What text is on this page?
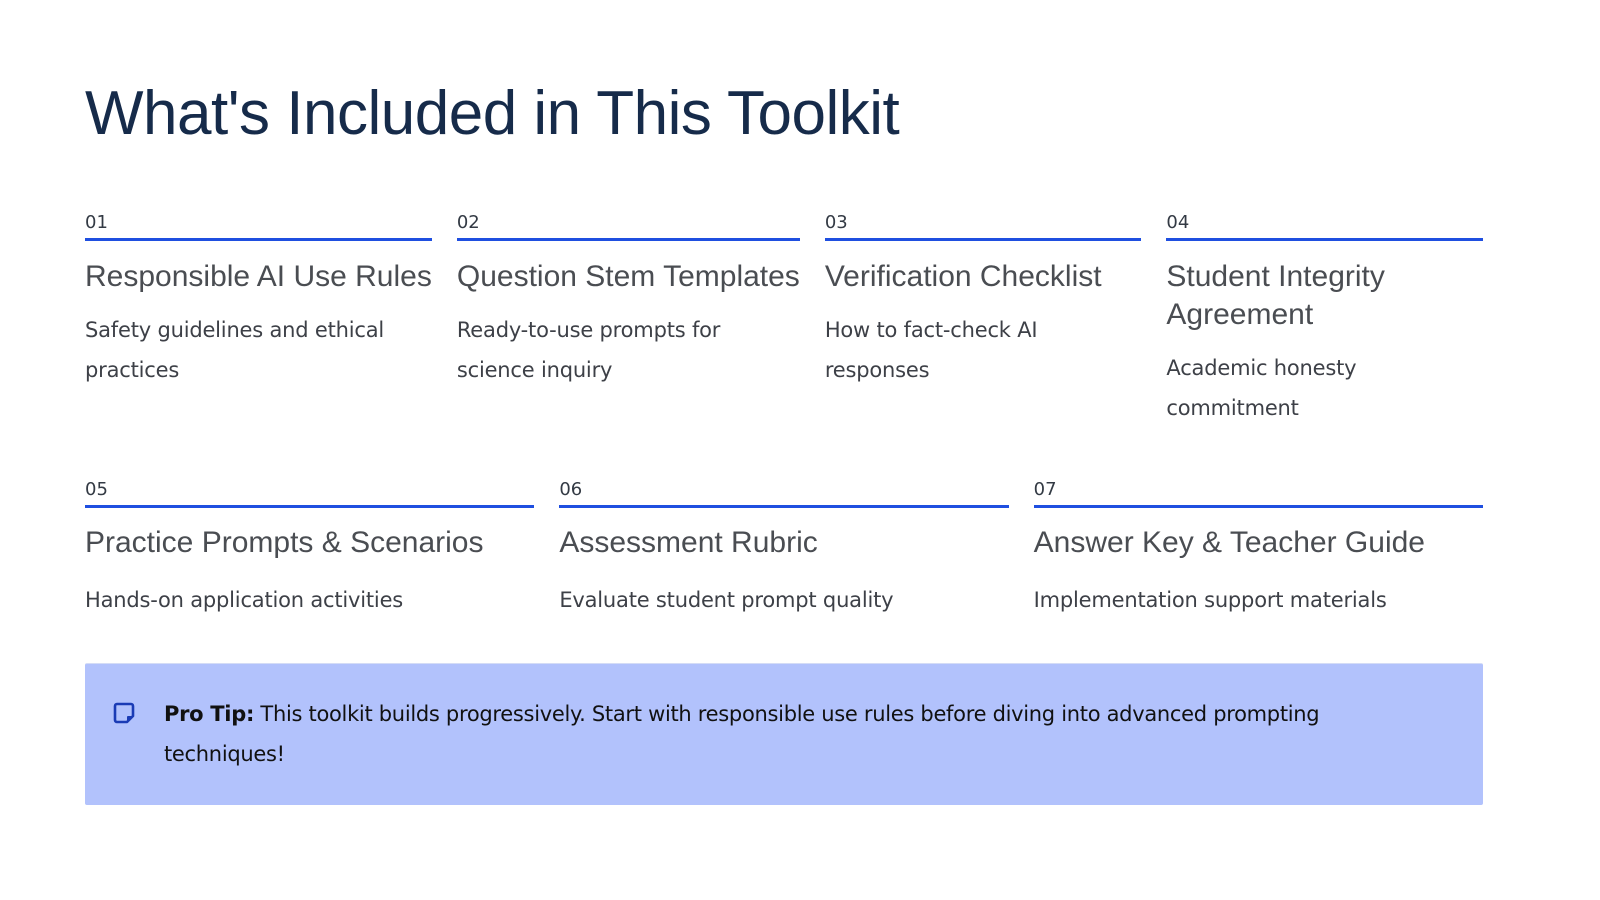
What's Included in This Toolkit
01
Responsible AI Use Rules
Safety guidelines and ethical practices
02
Question Stem Templates
Ready-to-use prompts for science inquiry
03
Verification Checklist
How to fact-check AI responses
04
Student Integrity Agreement
Academic honesty commitment
05
Practice Prompts & Scenarios
Hands-on application activities
06
Assessment Rubric
Evaluate student prompt quality
07
Answer Key & Teacher Guide
Implementation support materials
Pro Tip: This toolkit builds progressively. Start with responsible use rules before diving into advanced prompting techniques!
